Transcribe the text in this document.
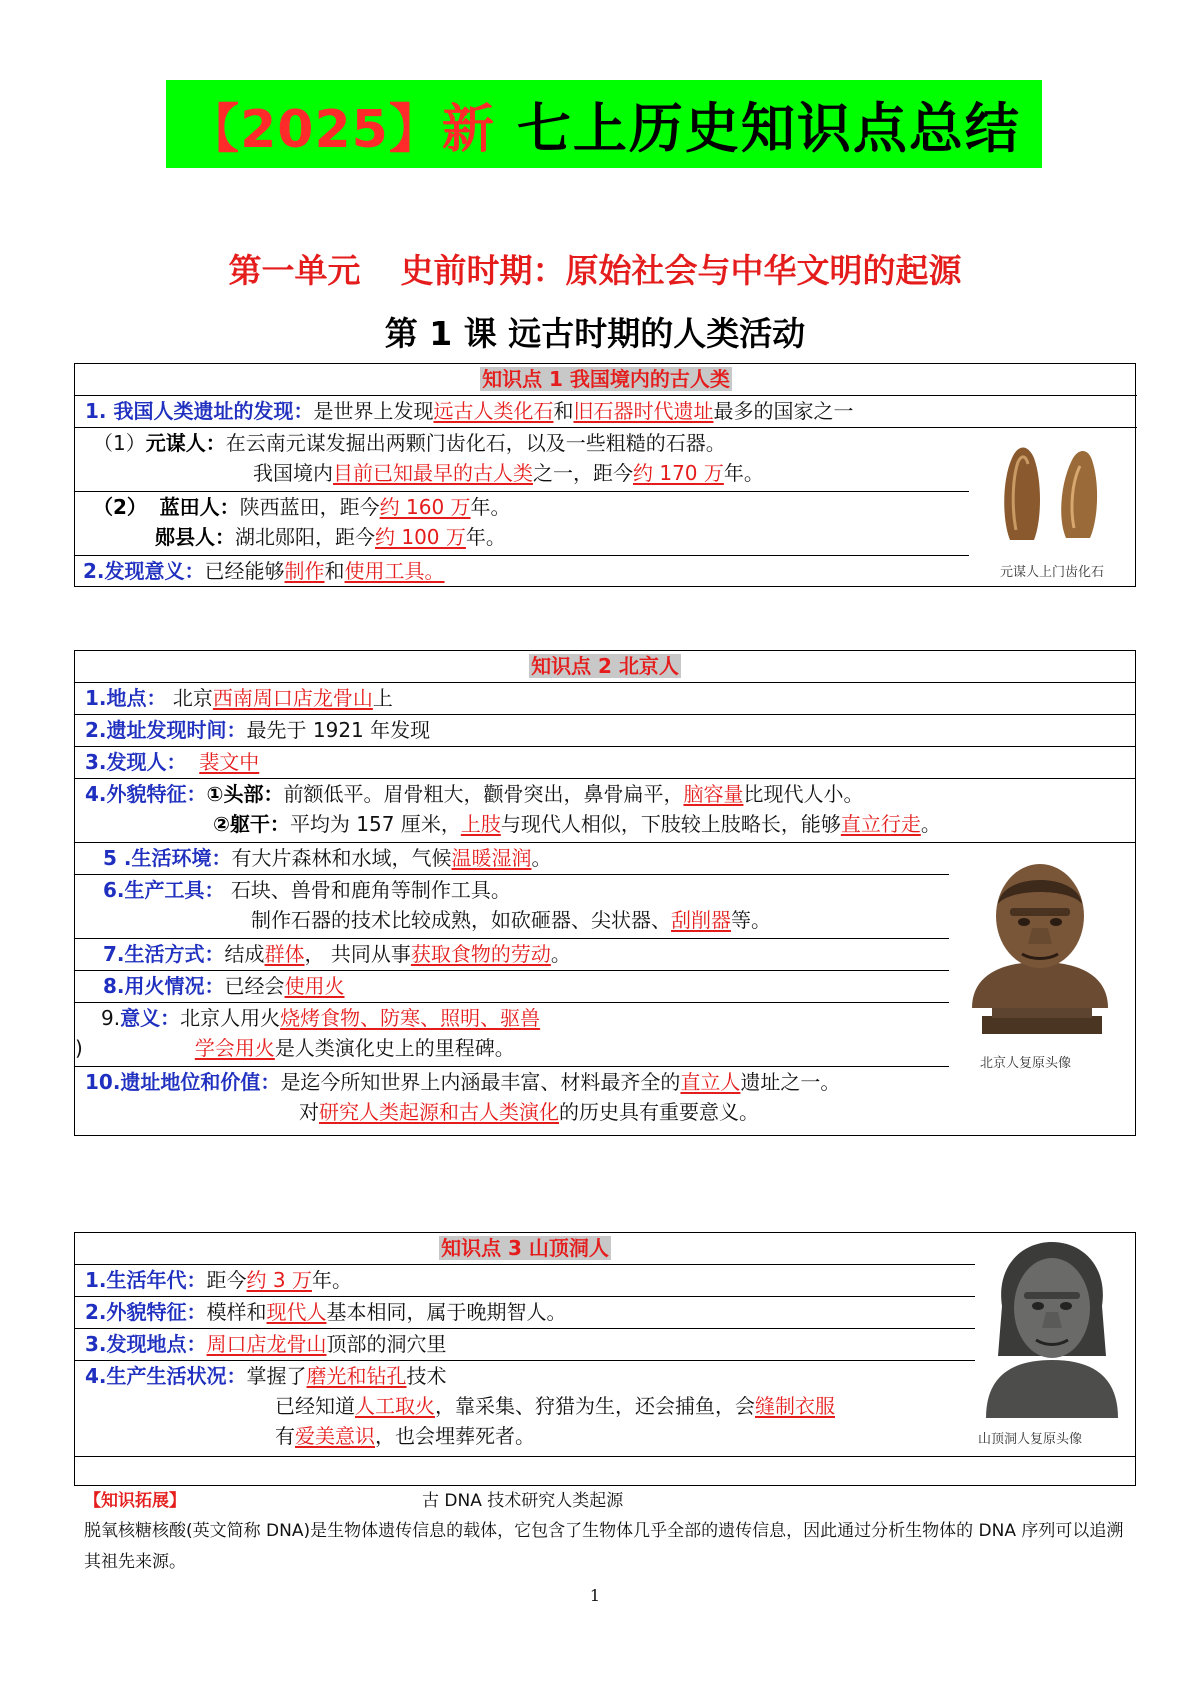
【2025】新 七上历史知识点总结
第一单元 史前时期：原始社会与中华文明的起源
第 1 课 远古时期的人类活动
知识点 1 我国境内的古人类
1. 我国人类遗址的发现：是世界上发现远古人类化石和旧石器时代遗址最多的国家之一
（1）元谋人：在云南元谋发掘出两颗门齿化石，以及一些粗糙的石器。
我国境内目前已知最早的古人类之一，距今约 170 万年。
（2） 蓝田人：陕西蓝田，距今约 160 万年。
郧县人：湖北郧阳，距今约 100 万年。
2.发现意义：已经能够制作和使用工具。	元谋人上门齿化石
知识点 2 北京人
1.地点： 北京西南周口店龙骨山上
2.遗址发现时间：最先于 1921 年发现
3.发现人： 裴文中
4.外貌特征：①头部：前额低平。眉骨粗大，颧骨突出，鼻骨扁平，脑容量比现代人小。
②躯干：平均为 157 厘米，上肢与现代人相似，下肢较上肢略长，能够直立行走。
5 .生活环境：有大片森林和水域，气候温暖湿润。
6.生产工具： 石块、兽骨和鹿角等制作工具。
制作石器的技术比较成熟，如砍砸器、尖状器、刮削器等。
7.生活方式：结成群体， 共同从事获取食物的劳动。
8.用火情况：已经会使用火
9.意义：北京人用火烧烤食物、防寒、照明、驱兽
)	学会用火是人类演化史上的里程碑。
10.遗址地位和价值：是迄今所知世界上内涵最丰富、材料最齐全的直立人遗址之一。
对研究人类起源和古人类演化的历史具有重要意义。
北京人复原头像
知识点 3 山顶洞人
1.生活年代：距今约 3 万年。
2.外貌特征：模样和现代人基本相同，属于晚期智人。
3.发现地点：周口店龙骨山顶部的洞穴里
4.生产生活状况：掌握了磨光和钻孔技术
已经知道人工取火，靠采集、狩猎为生，还会捕鱼，会缝制衣服
有爱美意识，也会埋葬死者。	山顶洞人复原头像
【知识拓展】	古 DNA 技术研究人类起源
脱氧核糖核酸(英文简称 DNA)是生物体遗传信息的载体，它包含了生物体几乎全部的遗传信息，因此通过分析生物体的 DNA 序列可以追溯其祖先来源。
1
